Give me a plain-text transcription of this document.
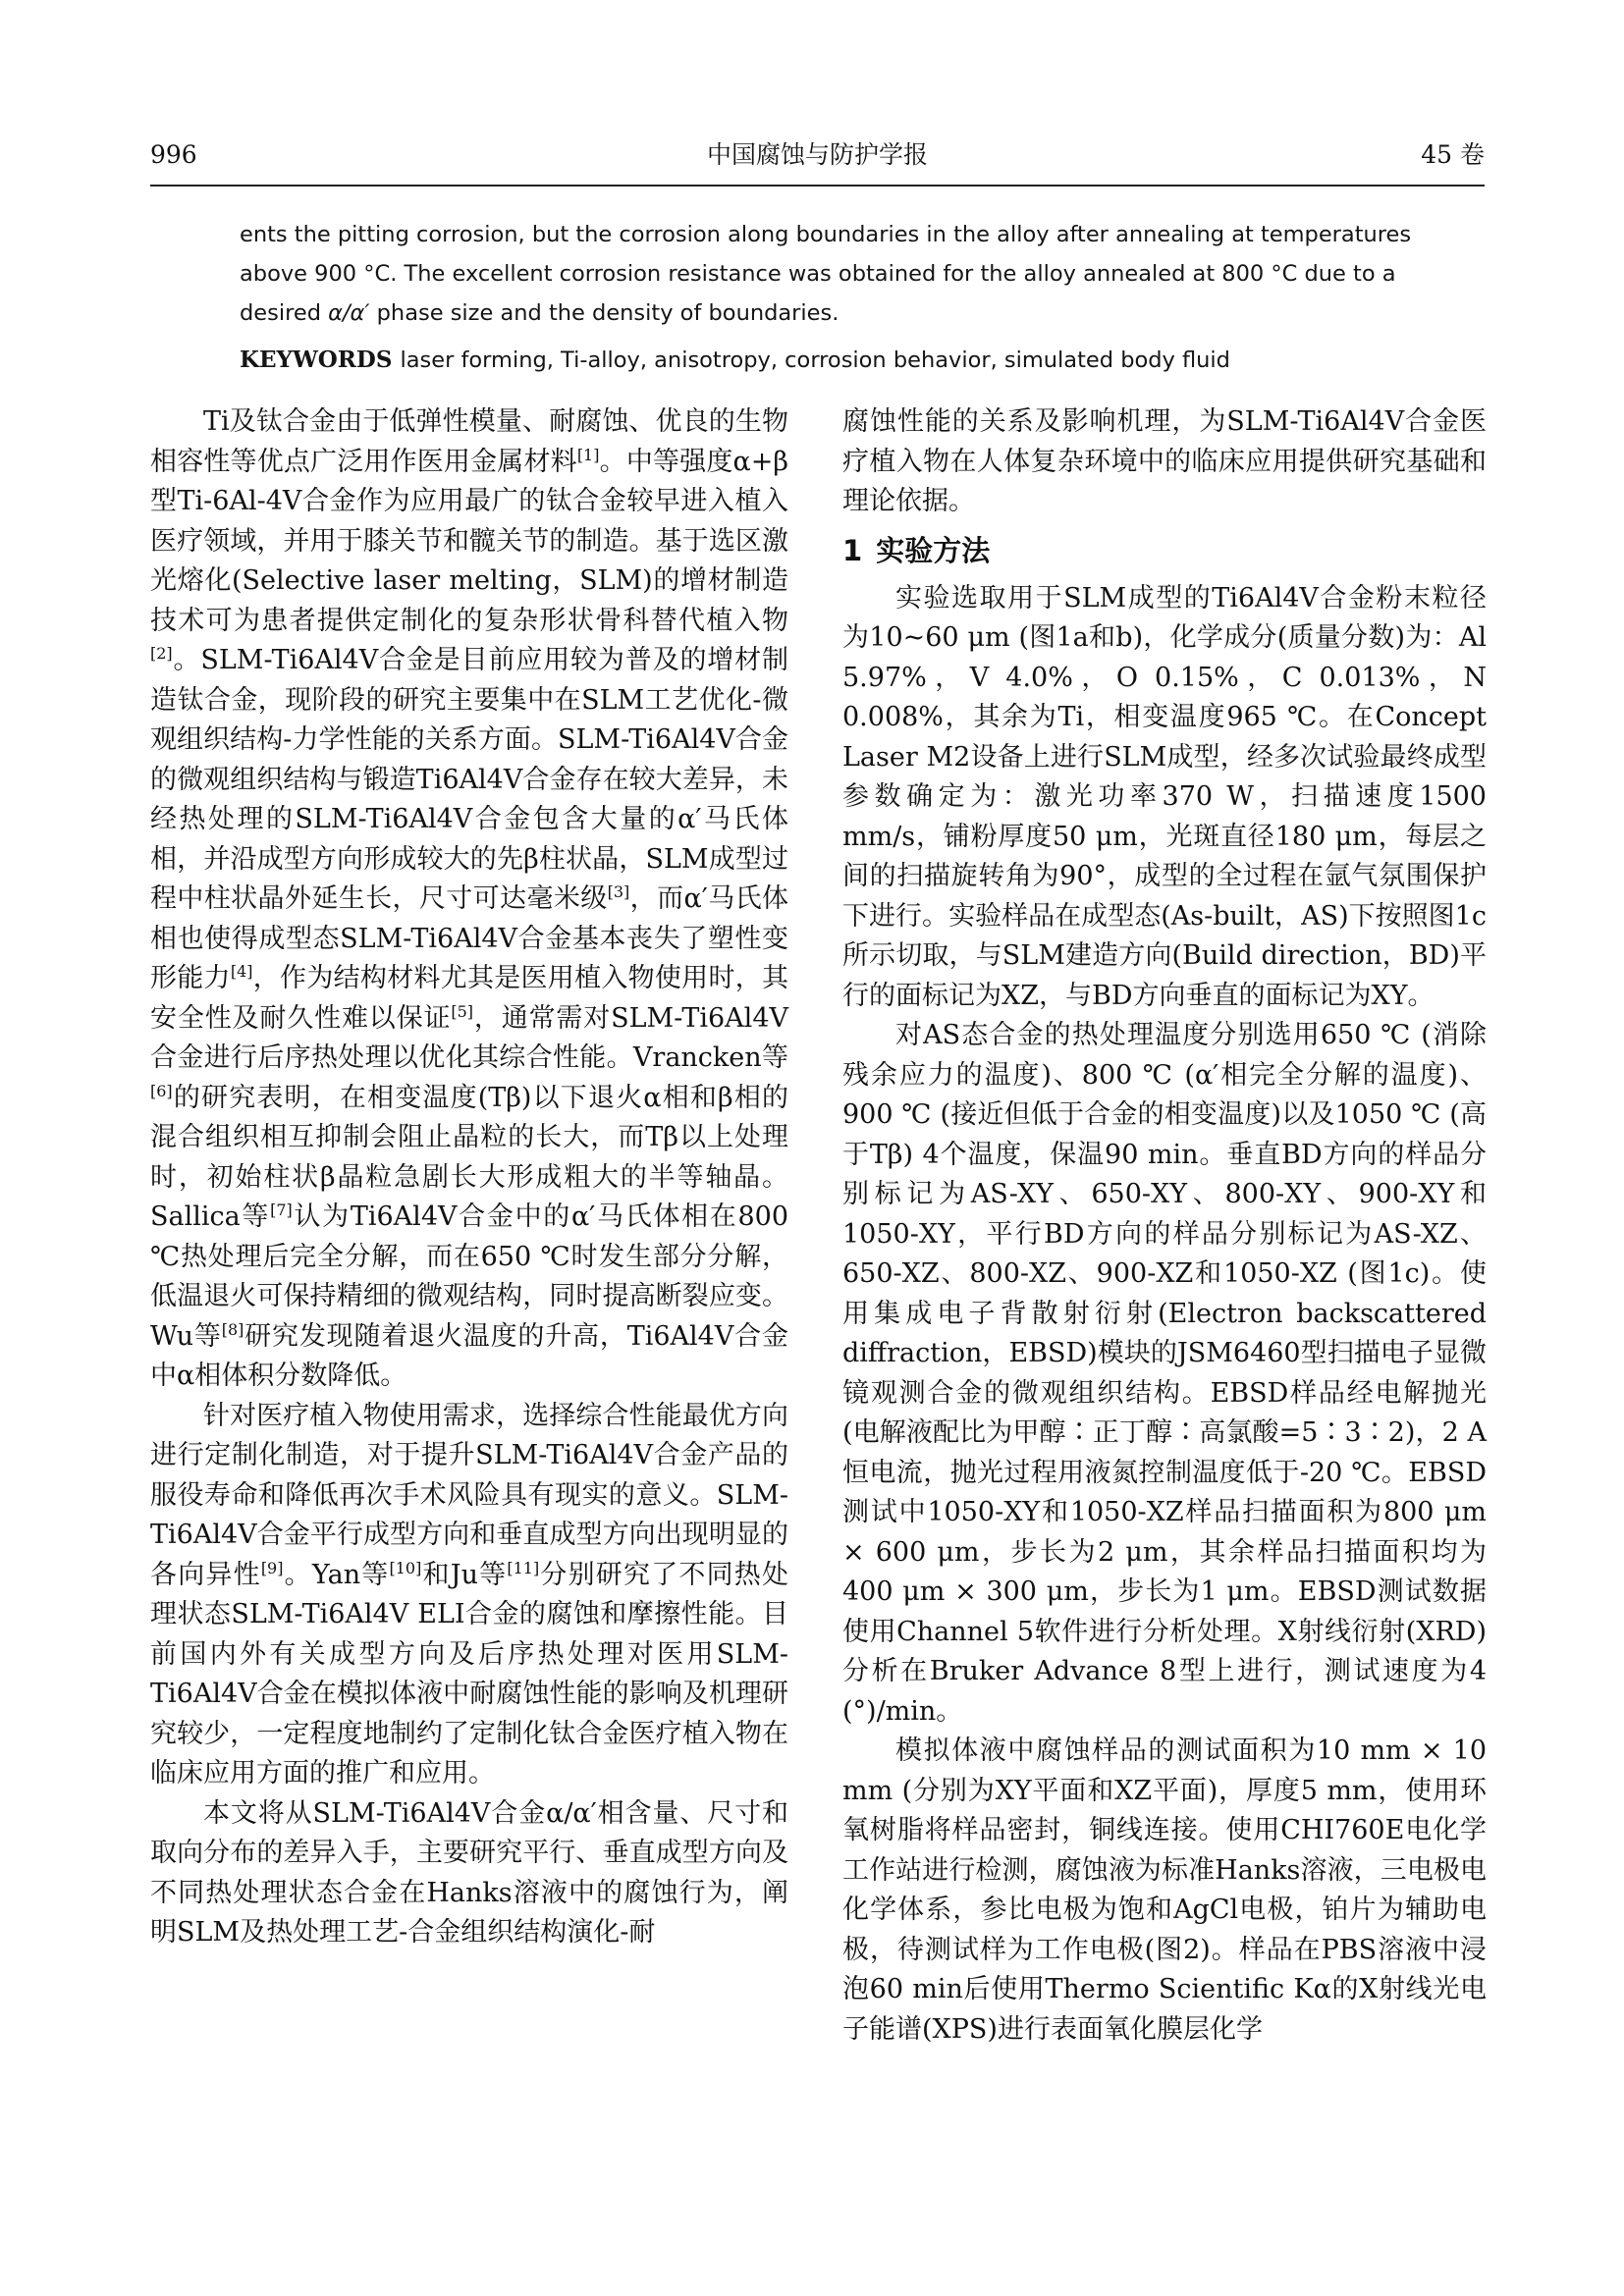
996	中国腐蚀与防护学报	45 卷

ents the pitting corrosion, but the corrosion along boundaries in the alloy after annealing at temperatures

above 900 °C. The excellent corrosion resistance was obtained for the alloy annealed at 800 °C due to a

desired α/α′ phase size and the density of boundaries.

KEYWORDS laser forming, Ti-alloy, anisotropy, corrosion behavior, simulated body fluid

Ti及钛合金由于低弹性模量、耐腐蚀、优良的生物相容性等优点广泛用作医用金属材料[1]。中等强度α+β型Ti-6Al-4V合金作为应用最广的钛合金较早进入植入医疗领域，并用于膝关节和髋关节的制造。基于选区激光熔化(Selective laser melting，SLM)的增材制造技术可为患者提供定制化的复杂形状骨科替代植入物[2]。SLM-Ti6Al4V合金是目前应用较为普及的增材制造钛合金，现阶段的研究主要集中在SLM工艺优化-微观组织结构-力学性能的关系方面。SLM-Ti6Al4V合金的微观组织结构与锻造Ti6Al4V合金存在较大差异，未经热处理的SLM-Ti6Al4V合金包含大量的α′马氏体相，并沿成型方向形成较大的先β柱状晶，SLM成型过程中柱状晶外延生长，尺寸可达毫米级[3]，而α′马氏体相也使得成型态SLM-Ti6Al4V合金基本丧失了塑性变形能力[4]，作为结构材料尤其是医用植入物使用时，其安全性及耐久性难以保证[5]，通常需对SLM-Ti6Al4V合金进行后序热处理以优化其综合性能。Vrancken等[6]的研究表明，在相变温度(Tβ)以下退火α相和β相的混合组织相互抑制会阻止晶粒的长大，而Tβ以上处理时，初始柱状β晶粒急剧长大形成粗大的半等轴晶。Sallica等[7]认为Ti6Al4V合金中的α′马氏体相在800 ℃热处理后完全分解，而在650 ℃时发生部分分解，低温退火可保持精细的微观结构，同时提高断裂应变。Wu等[8]研究发现随着退火温度的升高，Ti6Al4V合金中α相体积分数降低。

针对医疗植入物使用需求，选择综合性能最优方向进行定制化制造，对于提升SLM-Ti6Al4V合金产品的服役寿命和降低再次手术风险具有现实的意义。SLM-Ti6Al4V合金平行成型方向和垂直成型方向出现明显的各向异性[9]。Yan等[10]和Ju等[11]分别研究了不同热处理状态SLM-Ti6Al4V ELI合金的腐蚀和摩擦性能。目前国内外有关成型方向及后序热处理对医用SLM-Ti6Al4V合金在模拟体液中耐腐蚀性能的影响及机理研究较少，一定程度地制约了定制化钛合金医疗植入物在临床应用方面的推广和应用。

本文将从SLM-Ti6Al4V合金α/α′相含量、尺寸和取向分布的差异入手，主要研究平行、垂直成型方向及不同热处理状态合金在Hanks溶液中的腐蚀行为，阐明SLM及热处理工艺-合金组织结构演化-耐

腐蚀性能的关系及影响机理，为SLM-Ti6Al4V合金医疗植入物在人体复杂环境中的临床应用提供研究基础和理论依据。

1 实验方法

实验选取用于SLM成型的Ti6Al4V合金粉末粒径为10~60 μm (图1a和b)，化学成分(质量分数)为：Al 5.97%，V 4.0%，O 0.15%，C 0.013%，N 0.008%，其余为Ti，相变温度965 ℃。在Concept Laser M2设备上进行SLM成型，经多次试验最终成型参数确定为：激光功率370 W，扫描速度1500 mm/s，铺粉厚度50 μm，光斑直径180 μm，每层之间的扫描旋转角为90°，成型的全过程在氩气氛围保护下进行。实验样品在成型态(As-built，AS)下按照图1c所示切取，与SLM建造方向(Build direction，BD)平行的面标记为XZ，与BD方向垂直的面标记为XY。

对AS态合金的热处理温度分别选用650 ℃ (消除残余应力的温度)、800 ℃ (α′相完全分解的温度)、900 ℃ (接近但低于合金的相变温度)以及1050 ℃ (高于Tβ) 4个温度，保温90 min。垂直BD方向的样品分别标记为AS-XY、650-XY、800-XY、900-XY和1050-XY，平行BD方向的样品分别标记为AS-XZ、650-XZ、800-XZ、900-XZ和1050-XZ (图1c)。使用集成电子背散射衍射(Electron backscattered diffraction，EBSD)模块的JSM6460型扫描电子显微镜观测合金的微观组织结构。EBSD样品经电解抛光(电解液配比为甲醇∶正丁醇∶高氯酸=5∶3∶2)，2 A恒电流，抛光过程用液氮控制温度低于-20 ℃。EBSD测试中1050-XY和1050-XZ样品扫描面积为800 μm × 600 μm，步长为2 μm，其余样品扫描面积均为400 μm × 300 μm，步长为1 μm。EBSD测试数据使用Channel 5软件进行分析处理。X射线衍射(XRD)分析在Bruker Advance 8型上进行，测试速度为4 (°)/min。

模拟体液中腐蚀样品的测试面积为10 mm × 10 mm (分别为XY平面和XZ平面)，厚度5 mm，使用环氧树脂将样品密封，铜线连接。使用CHI760E电化学工作站进行检测，腐蚀液为标准Hanks溶液，三电极电化学体系，参比电极为饱和AgCl电极，铂片为辅助电极，待测试样为工作电极(图2)。样品在PBS溶液中浸泡60 min后使用Thermo Scientific Kα的X射线光电子能谱(XPS)进行表面氧化膜层化学
